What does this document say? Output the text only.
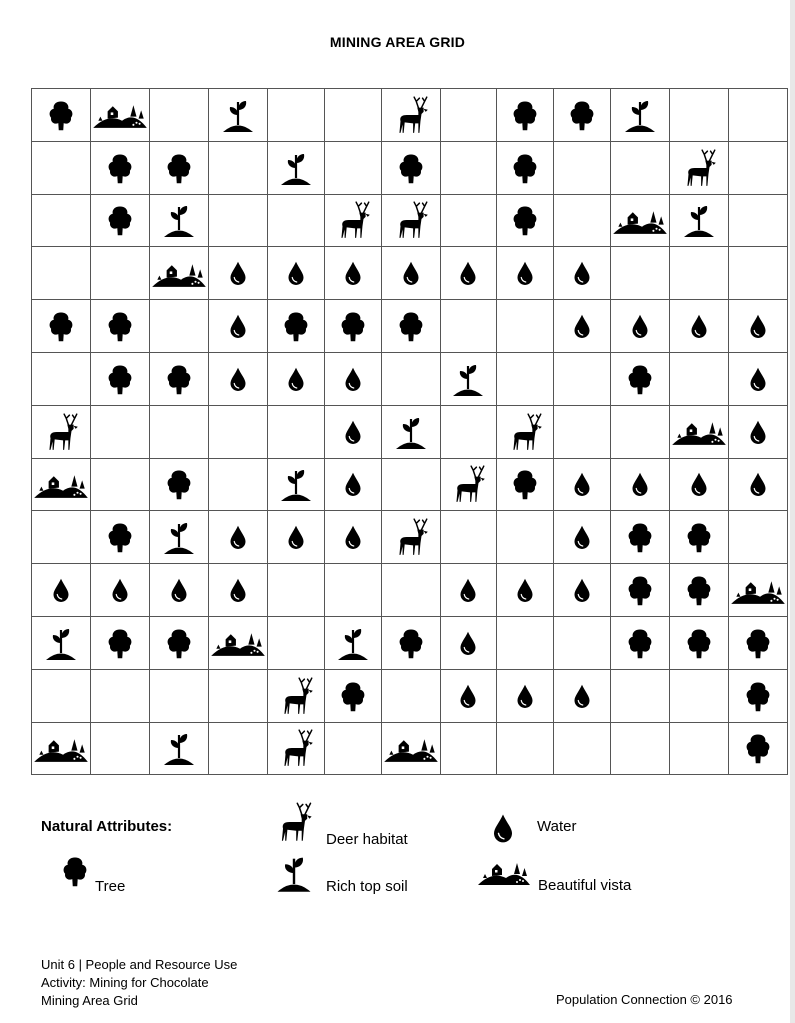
MINING AREA GRID

Natural Attributes:
Tree
Deer habitat
Rich top soil
Water
Beautiful vista
Unit 6 | People and Resource Use
Activity: Mining for Chocolate
Mining Area Grid	Population Connection © 2016
